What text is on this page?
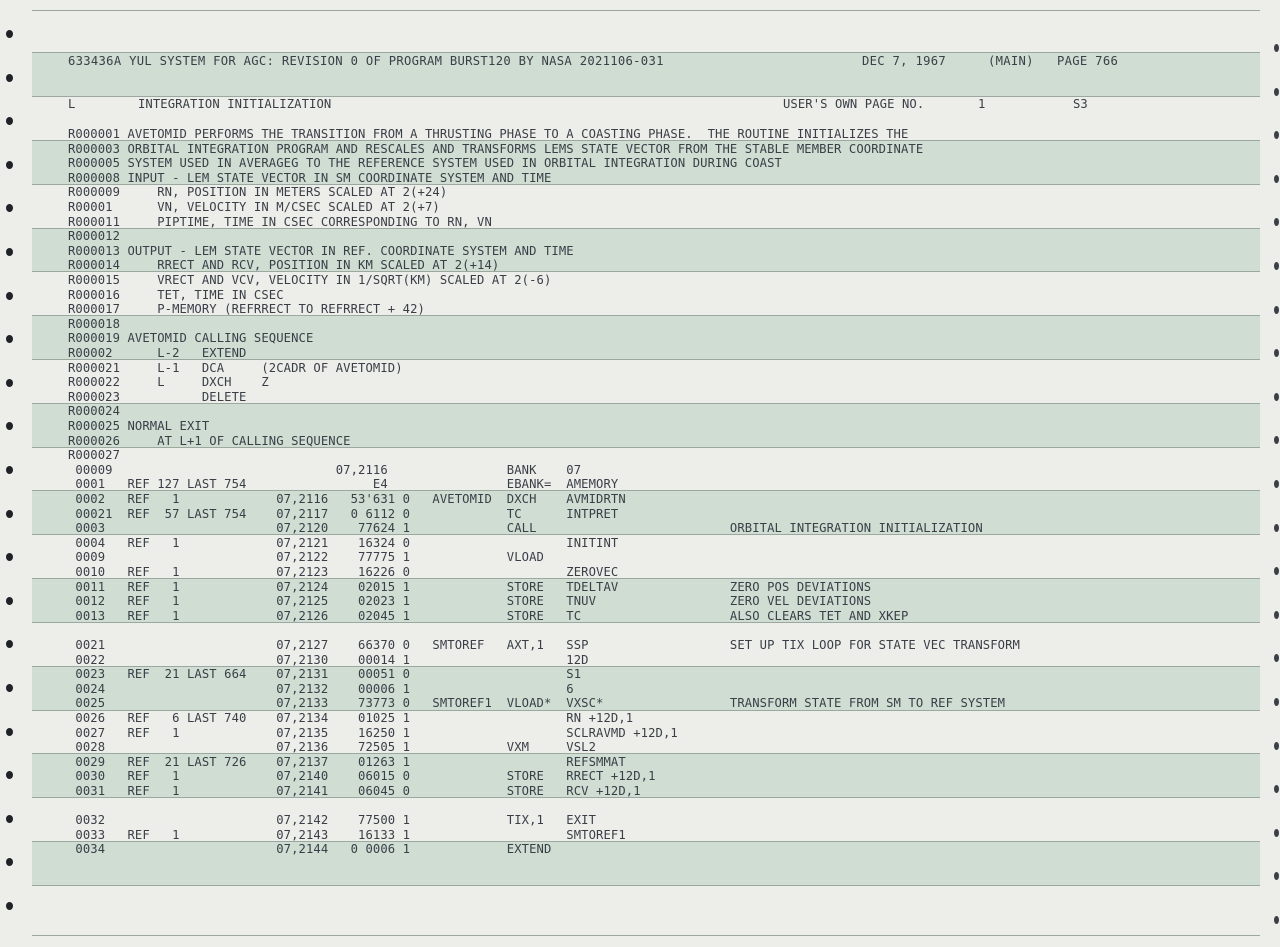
633436A YUL SYSTEM FOR AGC: REVISION 0 OF PROGRAM BURST120 BY NASA 2021106-031	DEC 7, 1967	(MAIN) PAGE 766
L	INTEGRATION INITIALIZATION	USER'S OWN PAGE NO.	1	S3
R000001 AVETOMID PERFORMS THE TRANSITION FROM A THRUSTING PHASE TO A COASTING PHASE.  THE ROUTINE INITIALIZES THE
R000003 ORBITAL INTEGRATION PROGRAM AND RESCALES AND TRANSFORMS LEMS STATE VECTOR FROM THE STABLE MEMBER COORDINATE
R000005 SYSTEM USED IN AVERAGEG TO THE REFERENCE SYSTEM USED IN ORBITAL INTEGRATION DURING COAST
R000008 INPUT - LEM STATE VECTOR IN SM COORDINATE SYSTEM AND TIME
R000009     RN, POSITION IN METERS SCALED AT 2(+24)
R00001      VN, VELOCITY IN M/CSEC SCALED AT 2(+7)
R000011     PIPTIME, TIME IN CSEC CORRESPONDING TO RN, VN
R000012
R000013 OUTPUT - LEM STATE VECTOR IN REF. COORDINATE SYSTEM AND TIME
R000014     RRECT AND RCV, POSITION IN KM SCALED AT 2(+14)
R000015     VRECT AND VCV, VELOCITY IN 1/SQRT(KM) SCALED AT 2(-6)
R000016     TET, TIME IN CSEC
R000017     P-MEMORY (REFRRECT TO REFRRECT + 42)
R000018
R000019 AVETOMID CALLING SEQUENCE
R00002      L-2   EXTEND
R000021     L-1   DCA     (2CADR OF AVETOMID)
R000022     L     DXCH    Z
R000023           DELETE
R000024
R000025 NORMAL EXIT
R000026     AT L+1 OF CALLING SEQUENCE
R000027
00009                              07,2116                BANK    07
0001   REF 127 LAST 754                 E4                EBANK=  AMEMORY
0002   REF   1             07,2116   53'631 0   AVETOMID  DXCH    AVMIDRTN
00021  REF  57 LAST 754    07,2117   0 6112 0             TC      INTPRET
0003                       07,2120    77624 1             CALL                          ORBITAL INTEGRATION INITIALIZATION
0004   REF   1             07,2121    16324 0                     INITINT
0009                       07,2122    77775 1             VLOAD
0010   REF   1             07,2123    16226 0                     ZEROVEC
0011   REF   1             07,2124    02015 1             STORE   TDELTAV               ZERO POS DEVIATIONS
0012   REF   1             07,2125    02023 1             STORE   TNUV                  ZERO VEL DEVIATIONS
0013   REF   1             07,2126    02045 1             STORE   TC                    ALSO CLEARS TET AND XKEP
0021                       07,2127    66370 0   SMTOREF   AXT,1   SSP                   SET UP TIX LOOP FOR STATE VEC TRANSFORM
0022                       07,2130    00014 1                     12D
0023   REF  21 LAST 664    07,2131    00051 0                     S1
0024                       07,2132    00006 1                     6
0025                       07,2133    73773 0   SMTOREF1  VLOAD*  VXSC*                 TRANSFORM STATE FROM SM TO REF SYSTEM
0026   REF   6 LAST 740    07,2134    01025 1                     RN +12D,1
0027   REF   1             07,2135    16250 1                     SCLRAVMD +12D,1
0028                       07,2136    72505 1             VXM     VSL2
0029   REF  21 LAST 726    07,2137    01263 1                     REFSMMAT
0030   REF   1             07,2140    06015 0             STORE   RRECT +12D,1
0031   REF   1             07,2141    06045 0             STORE   RCV +12D,1
0032                       07,2142    77500 1             TIX,1   EXIT
0033   REF   1             07,2143    16133 1                     SMTOREF1
0034                       07,2144   0 0006 1             EXTEND
